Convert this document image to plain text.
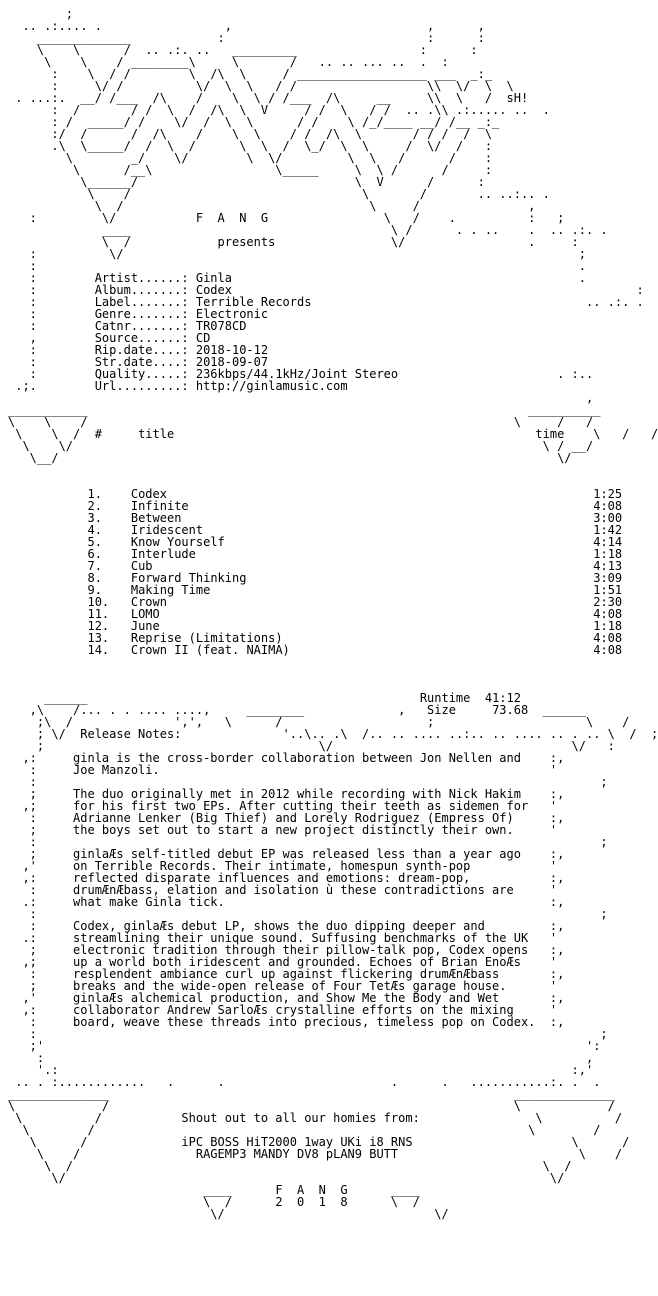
;
.. .:.... .                 ,                           ,      ,
_____________            :                            :      :
\    \      /  .. .:. ..   _________                 :      :
\    \    / ________\     \       /   .. .. ... ..  .  :
:    \  / /        \  /\  \     / __________________ ___  _:_
:     \/ /          \/  \  \   / /                  \\  \/  \  \
. ...:.  __/ /___  /\    /    \  \ / /___  /\     __     \\  \   /  sH!
:  /       / /  \  /  /\  \  V     / /  \   / /  .. .\\ .:..... ..  .
: /  _____/ /    \/  /  \  \      / /    \ /_/____ __/ /__ _:_
:/  /      /  /\    /    \  \    / /  /\  \       / / /  /  \
.\  \_____/  /  \  /      \  \  /  \_/  \  \     /  \/  /   :
\        _/    \/        \  \/         \  \   /      /    :
\      /__\                 \_____     \  \ /      /     :
\______/                              \  V      /      :
\    /                                \       /       .. ..:.. .
\  /                                  \     /               ,
:         \/	F  A  N  G	\   /    .          :   ;
____                                    \ /      . . ..    .  .. .:. .
\  /	presents	\/                 .     :
:          \/                                                               ;
:                                                                           .
:        Artist......: Ginla	.
:        Album.......: Codex	:
:        Label.......: Terrible Records	.. .:. .
:        Genre.......: Electronic
:        Catnr.......: TR078CD
,        Source......: CD
:        Rip.date....: 2018-10-12
:        Str.date....: 2018-09-07
:        Quality.....: 236kbps/44.1kHz/Joint Stereo	. :..
.;.        Url.........: http://ginlamusic.com
,
___________                                                             __________
\    \    /                                                           \     /   /
\    \  /  #	title	time    \   /   /
\    \/                                                                 \ / __/
\__/                                                                     \/

1.    Codex	1:25
2.    Infinite	4:08
3.    Between	3:00
4.    Iridescent	1:42
5.    Know Yourself	4:14
6.    Interlude	1:18
7.    Cub	4:13
8.    Forward Thinking	3:09
9.    Making Time	1:51
10.   Crown	2:30
11.   LOMO	4:08
12.   June	1:18
13.   Reprise (Limitations)	4:08
14.   Crown II (feat. NAIMA)	4:08

______	Runtime 41:12
,\    /... . . .... ....,     ________             ,   Size     73.68  ______
;\  /              ',',   \      /                    ;                     \    /
; \/  Release Notes:	'..\.. .\  /.. .. .... ..:.. .. .... .. . .. \  /  ;
;                                      \/                                 \/   :
,:	ginla is the cross-border collaboration between Jon Nellen and    :,
:	Joe Manzoli.	'
:                                                                              ;
;	The duo originally met in 2012 while recording with Nick Hakim    :,
,;	for his first two EPs. After cutting their teeth as sidemen for   '
:	Adrianne Lenker (Big Thief) and Lorely Rodriguez (Empress Of)	:,
;	the boys set out to start a new project distinctly their own.	'
:                                                                              ;
;	ginlaÆs self-titled debut EP was released less than a year ago    :,
,'	on Terrible Records. Their intimate, homespun synth-pop	'
,:	reflected disparate influences and emotions: dream-pop,	:,
:	drumÆnÆbass, elation and isolation ù these contradictions are	'
.:	what make Ginla tick.	:,
:                                                                              ;
:	Codex, ginlaÆs debut LP, shows the duo dipping deeper and	:,
.:	streamlining their unique sound. Suffusing benchmarks of the UK   '
;	electronic tradition through their pillow-talk pop, Codex opens   :,
,;	up a world both iridescent and grounded. Echoes of Brian EnoÆs    '
:	resplendent ambiance curl up against flickering drumÆnÆbass	:,
;	breaks and the wide-open release of Four TetÆs garage house.	'
,'	ginlaÆs alchemical production, and Show Me the Body and Wet	:,
,:	collaborator Andrew SarloÆs crystalline efforts on the mixing	'
:	board, weave these threads into precious, timeless pop on Codex.  :,
:                                                                              ;
;'                                                                           ':
:                                                                           ,
'.:                                                                       :,'
.. . :............   .      .                       .      .   ...........:. .  .
______________                                                        ______________
\            /                                                        \            /
\          /	Shout out to all our homies from:	\          /
\        /                                                            \        /
\      /	iPC BOSS HiT2000 1way UKi i8 RNS	\      /
\    /	RAGEMP3 MANDY DV8 pLAN9 BUTT	\    /
\  /                                                                 \  /
\/                                                                   \/
____	F  A  N  G	____
\  /	2  0  1  8	\  /
\/                             \/
